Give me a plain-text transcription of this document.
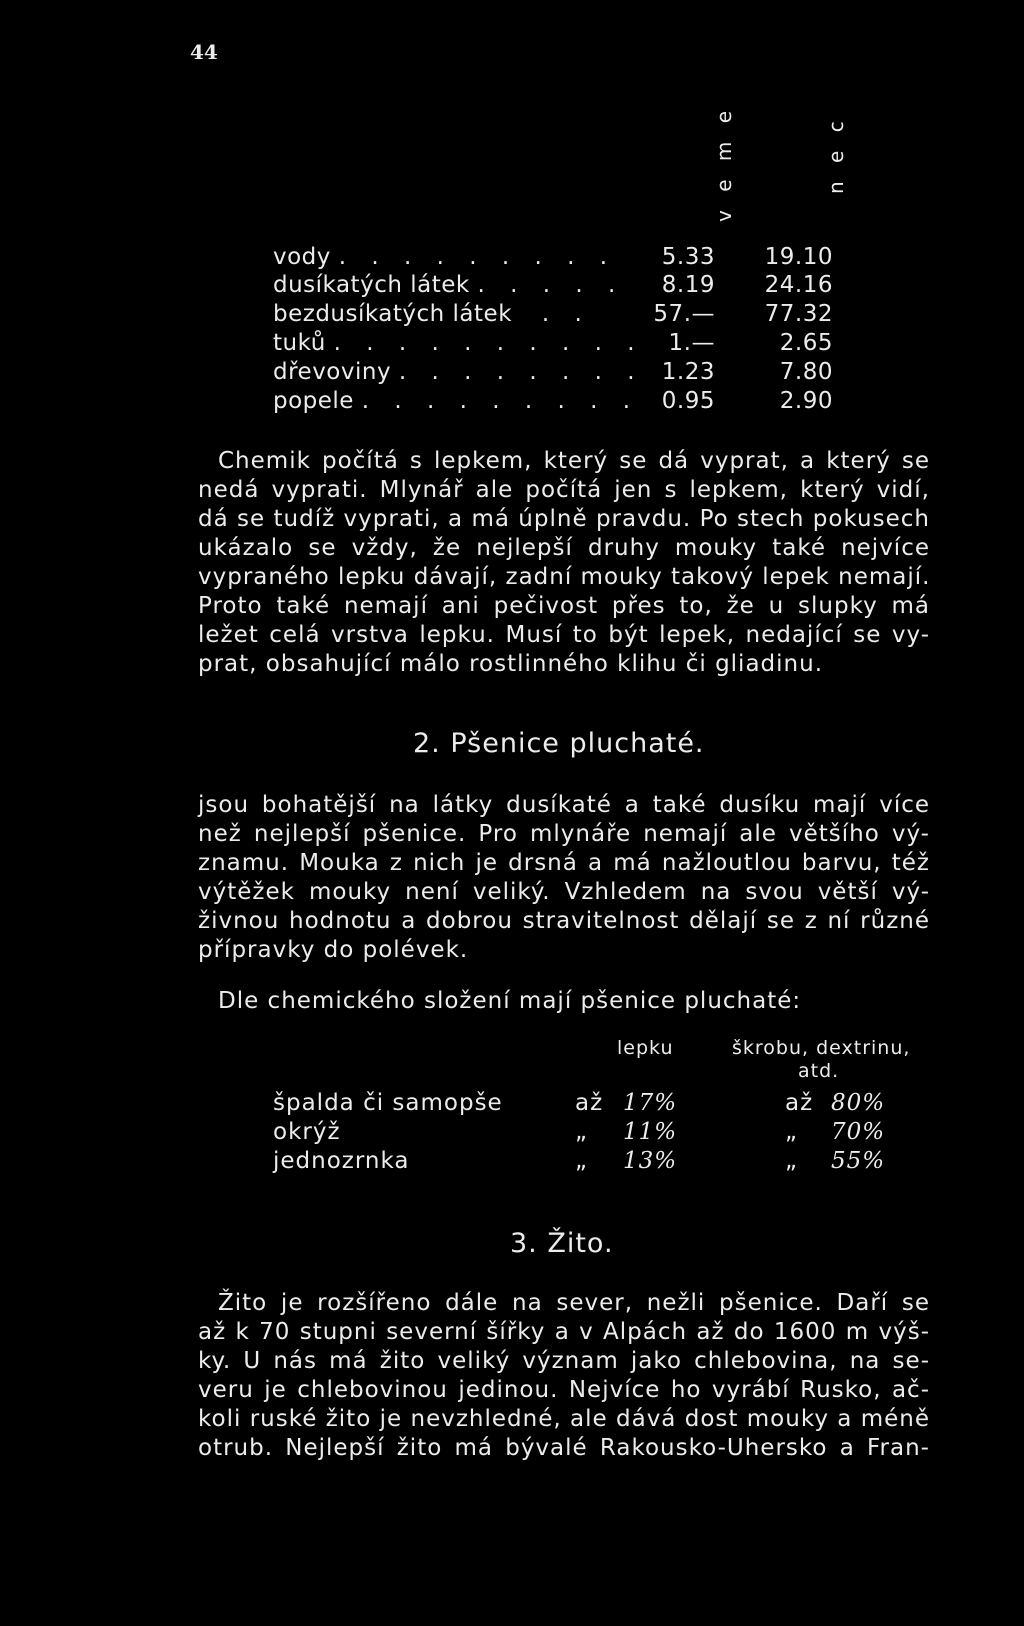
44
v e m e	n e c
vody . . . . . . . . . 5.33 19.10
dusíkatých látek . . . . . 8.19 24.16
bezdusíkatých látek . .	57.— 77.32
tuků . . . . . . . . . . 1.—	2.65
dřevoviny . . . . . . . . 1.23	7.80
popele . . . . . . . . . 0.95	2.90
Chemik počítá s lepkem, který se dá vyprat, a který se
nedá vyprati. Mlynář ale počítá jen s lepkem, který vidí,
dá se tudíž vyprati, a má úplně pravdu. Po stech pokusech
ukázalo se vždy, že nejlepší druhy mouky také nejvíce
vypraného lepku dávají, zadní mouky takový lepek nemají.
Proto také nemají ani pečivost přes to, že u slupky má
ležet celá vrstva lepku. Musí to být lepek, nedající se vy-
prat, obsahující málo rostlinného klihu či gliadinu.
2. Pšenice pluchaté.
jsou bohatější na látky dusíkaté a také dusíku mají více
než nejlepší pšenice. Pro mlynáře nemají ale většího vý-
znamu. Mouka z nich je drsná a má nažloutlou barvu, též
výtěžek mouky není veliký. Vzhledem na svou větší vý-
živnou hodnotu a dobrou stravitelnost dělají se z ní různé
přípravky do polévek.
Dle chemického složení mají pšenice pluchaté:
lepku	škrobu, dextrinu,
atd.
špalda či samopše	až 17%	až 80%
okrýž	„ 11%	„ 70%
jednozrnka	„ 13%	„ 55%
3. Žito.
Žito je rozšířeno dále na sever, nežli pšenice. Daří se
až k 70 stupni severní šířky a v Alpách až do 1600 m výš-
ky. U nás má žito veliký význam jako chlebovina, na se-
veru je chlebovinou jedinou. Nejvíce ho vyrábí Rusko, ač-
koli ruské žito je nevzhledné, ale dává dost mouky a méně
otrub. Nejlepší žito má bývalé Rakousko-Uhersko a Fran-
